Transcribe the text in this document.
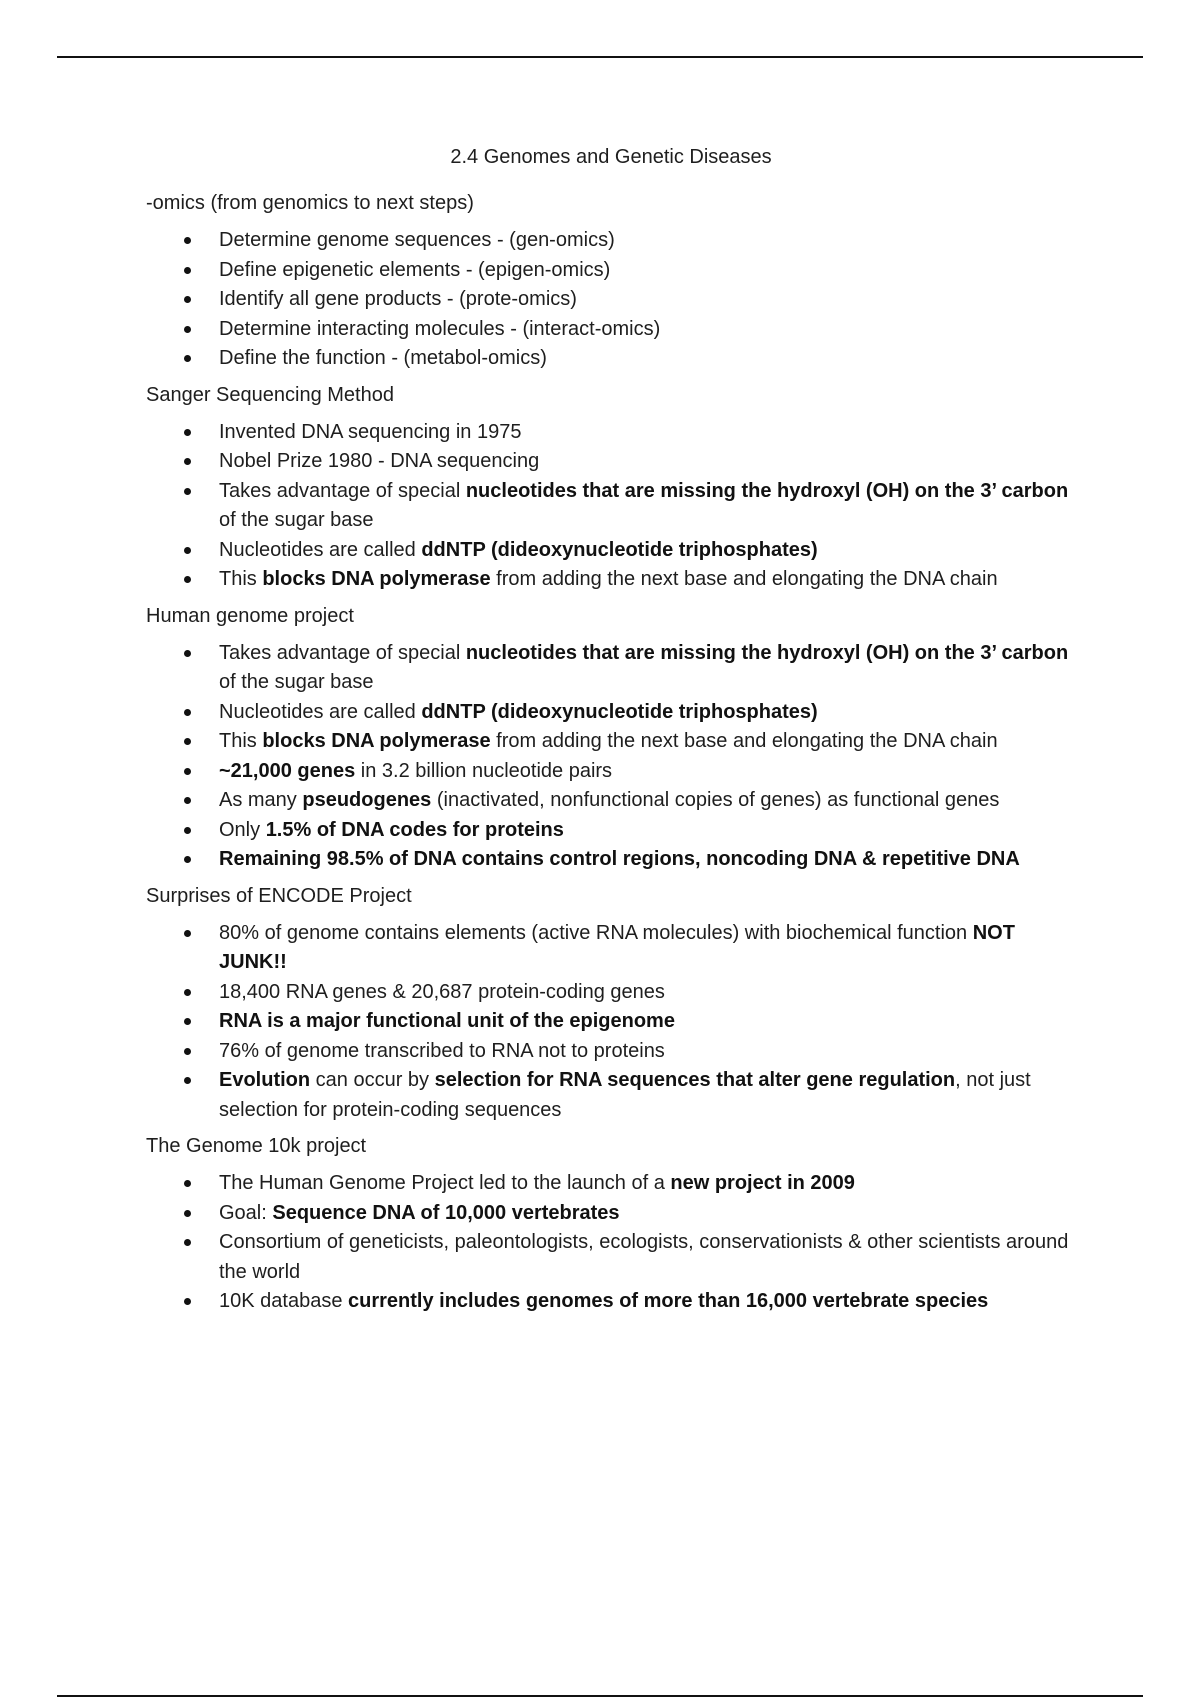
2.4 Genomes and Genetic Diseases
-omics (from genomics to next steps)
Determine genome sequences - (gen-omics)
Define epigenetic elements - (epigen-omics)
Identify all gene products - (prote-omics)
Determine interacting molecules - (interact-omics)
Define the function - (metabol-omics)
Sanger Sequencing Method
Invented DNA sequencing in 1975
Nobel Prize 1980 - DNA sequencing
Takes advantage of special nucleotides that are missing the hydroxyl (OH) on the 3’ carbon of the sugar base
Nucleotides are called ddNTP (dideoxynucleotide triphosphates)
This blocks DNA polymerase from adding the next base and elongating the DNA chain
Human genome project
Takes advantage of special nucleotides that are missing the hydroxyl (OH) on the 3’ carbon of the sugar base
Nucleotides are called ddNTP (dideoxynucleotide triphosphates)
This blocks DNA polymerase from adding the next base and elongating the DNA chain
~21,000 genes in 3.2 billion nucleotide pairs
As many pseudogenes (inactivated, nonfunctional copies of genes) as functional genes
Only 1.5% of DNA codes for proteins
Remaining 98.5% of DNA contains control regions, noncoding DNA & repetitive DNA
Surprises of ENCODE Project
80% of genome contains elements (active RNA molecules) with biochemical function NOT JUNK!!
18,400 RNA genes & 20,687 protein-coding genes
RNA is a major functional unit of the epigenome
76% of genome transcribed to RNA not to proteins
Evolution can occur by selection for RNA sequences that alter gene regulation, not just selection for protein-coding sequences
The Genome 10k project
The Human Genome Project led to the launch of a new project in 2009
Goal: Sequence DNA of 10,000 vertebrates
Consortium of geneticists, paleontologists, ecologists, conservationists & other scientists around the world
10K database currently includes genomes of more than 16,000 vertebrate species
